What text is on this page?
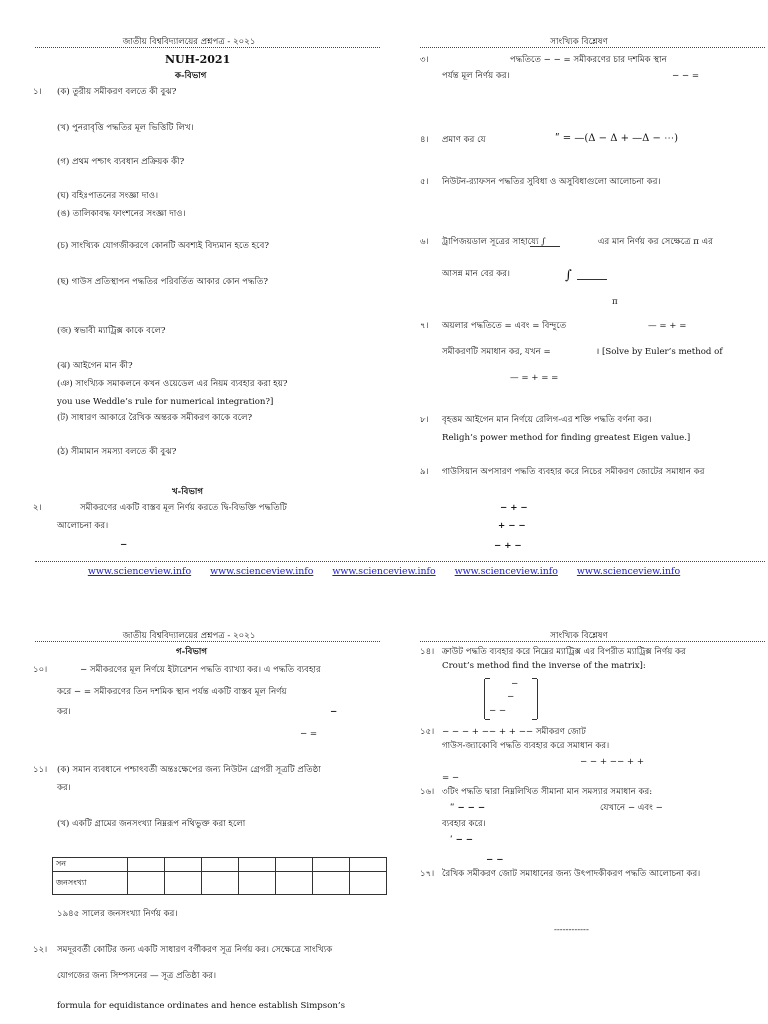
জাতীয় বিশ্ববিদ্যালয়ের প্রশ্নপত্র - ২০২১	সাংখ্যিক বিশ্লেষণ
NUH-2021
ক-বিভাগ
১। (ক) তুরীয় সমীকরণ বলতে কী বুঝ?
(খ) পুনরাবৃত্তি পদ্ধতির মূল ভিত্তিটি লিখ।
(গ) প্রথম পশ্চাৎ ব্যবধান প্রক্রিয়ক কী?
(ঘ) বহিঃপাতনের সংজ্ঞা দাও।
(ঙ) তালিকাবদ্ধ ফাংশনের সংজ্ঞা দাও।
(চ) সাংখ্যিক যোগজীকরণে কোনটি অবশ্যই বিদ্যমান হতে হবে?
(ছ) গাউস প্রতিস্থাপন পদ্ধতির পরিবর্তিত আকার কোন পদ্ধতি?
(জ) স্বভাবী ম্যাট্রিক্স কাকে বলে?
(ঝ) আইগেন মান কী?
(ঞ) সাংখ্যিক সমাকলনে কখন ওয়েডেল এর নিয়ম ব্যবহার করা হয়?
you use Weddle’s rule for numerical integration?]
(ট) সাধারণ আকারে রৈখিক অন্তরক সমীকরণ কাকে বলে?
(ঠ) সীমামান সমস্যা বলতে কী বুঝ?
খ-বিভাগ
২।	সমীকরণের একটি বাস্তব মূল নির্ণয় করতে দ্বি-বিভক্তি পদ্ধতিটি
আলোচনা কর।
−
৩।	পদ্ধতিতে − − = সমীকরণের চার দশমিক স্থান
পর্যন্ত মূল নির্ণয় কর।	− − =
৪। প্রমাণ কর যে	ʺ = —(Δ − Δ + —Δ − ⋯)
৫। নিউটন-র‍্যাফসন পদ্ধতির সুবিধা ও অসুবিধাগুলো আলোচনা কর।
৬। ট্রাপিজয়ডাল সূত্রের সাহায্যে ∫	এর মান নির্ণয় কর সেক্ষেত্রে π এর
আসন্ন মান বের কর।	∫
π
৭। অয়লার পদ্ধতিতে = এবং = বিন্দুতে	— = + =
সমীকরণটি সমাধান কর, যখন =	। [Solve by Euler’s method of
— = + = =
৮। বৃহত্তম আইগেন মান নির্ণয়ে রেলিগ-এর শক্তি পদ্ধতি বর্ণনা কর।
Religh’s power method for finding greatest Eigen value.]
৯। গাউসিয়ান অপসারণ পদ্ধতি ব্যবহার করে নিচের সমীকরণ জোটের সমাধান কর
− + −
+ − −
− + −
www.scienceview.info www.scienceview.info www.scienceview.info www.scienceview.info www.scienceview.info
জাতীয় বিশ্ববিদ্যালয়ের প্রশ্নপত্র - ২০২১	সাংখ্যিক বিশ্লেষণ
গ-বিভাগ
১০।	− সমীকরণের মূল নির্ণয়ে ইটারেশন পদ্ধতি ব্যাখ্যা কর। এ পদ্ধতি ব্যবহার
করে − = সমীকরণের তিন দশমিক স্থান পর্যন্ত একটি বাস্তব মূল নির্ণয়
কর।	−
− =
১১। (ক) সমান ব্যবধানে পশ্চাৎবর্তী অন্তঃক্ষেপের জন্য নিউটন গ্রেগরী সূত্রটি প্রতিষ্ঠা
কর।
(খ) একটি গ্রামের জনসংখ্যা নিম্নরূপ নথিভুক্ত করা হলো
সন							
জনসংখ্যা							
১৯৪৫ সালের জনসংখ্যা নির্ণয় কর।
১২। সমদূরবর্তী কোটির জন্য একটি সাধারণ বর্গীকরণ সূত্র নির্ণয় কর। সেক্ষেত্রে সাংখ্যিক
যোগজের জন্য সিম্পসনের — সূত্র প্রতিষ্ঠা কর।
formula for equidistance ordinates and hence establish Simpson’s
১৪। ক্রাউট পদ্ধতি ব্যবহার করে নিম্নের ম্যাট্রিক্স এর বিপরীত ম্যাট্রিক্স নির্ণয় কর
Crout’s method find the inverse of the matrix]:
−
−
− −
১৫। − − − + −− + + −− সমীকরণ জোট
গাউস-জ্যাকোবি পদ্ধতি ব্যবহার করে সমাধান কর।
− − + −− + +
= −
১৬। ৩টিং পদ্ধতি দ্বারা নিম্নলিখিত সীমানা মান সমস্যার সমাধান কর:
ʺ − − −	যেখানে − এবং −
ব্যবহার করে।
ʹ − −
− −
১৭। রৈখিক সমীকরণ জোট সমাধানের জন্য উৎপাদকীকরণ পদ্ধতি আলোচনা কর।
------------
